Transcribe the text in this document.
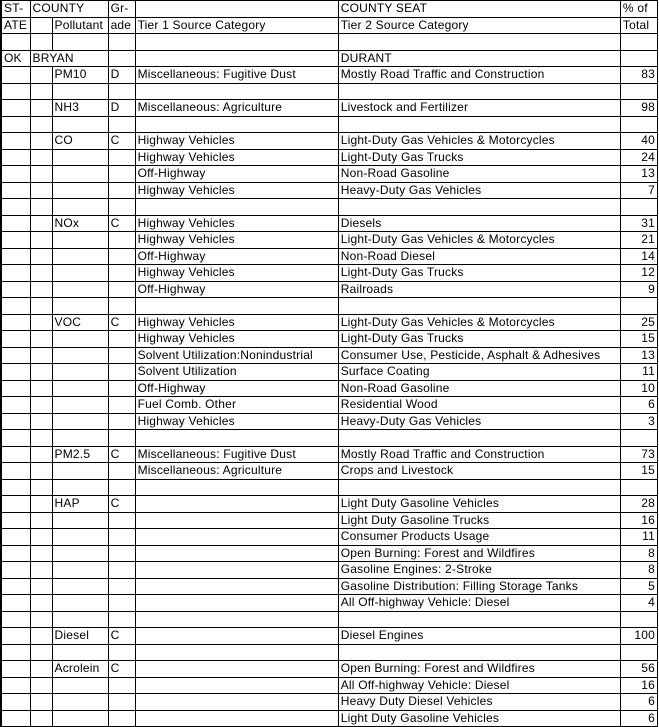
ST-	COUNTY		Gr-		COUNTY SEAT	% of
ATE		Pollutant	ade	Tier 1 Source Category	Tier 2 Source Category	Total

OK	BRYAN				DURANT	
		PM10	D	Miscellaneous: Fugitive Dust	Mostly Road Traffic and Construction	83

		NH3	D	Miscellaneous: Agriculture	Livestock and Fertilizer	98

		CO	C	Highway Vehicles	Light-Duty Gas Vehicles & Motorcycles	40
				Highway Vehicles	Light-Duty Gas Trucks	24
				Off-Highway	Non-Road Gasoline	13
				Highway Vehicles	Heavy-Duty Gas Vehicles	7

		NOx	C	Highway Vehicles	Diesels	31
				Highway Vehicles	Light-Duty Gas Vehicles & Motorcycles	21
				Off-Highway	Non-Road Diesel	14
				Highway Vehicles	Light-Duty Gas Trucks	12
				Off-Highway	Railroads	9

		VOC	C	Highway Vehicles	Light-Duty Gas Vehicles & Motorcycles	25
				Highway Vehicles	Light-Duty Gas Trucks	15
				Solvent Utilization:Nonindustrial	Consumer Use, Pesticide, Asphalt & Adhesives	13
				Solvent Utilization	Surface Coating	11
				Off-Highway	Non-Road Gasoline	10
				Fuel Comb. Other	Residential Wood	6
				Highway Vehicles	Heavy-Duty Gas Vehicles	3

		PM2.5	C	Miscellaneous: Fugitive Dust	Mostly Road Traffic and Construction	73
				Miscellaneous: Agriculture	Crops and Livestock	15

		HAP	C		Light Duty Gasoline Vehicles	28
					Light Duty Gasoline Trucks	16
					Consumer Products Usage	11
					Open Burning: Forest and Wildfires	8
					Gasoline Engines: 2-Stroke	8
					Gasoline Distribution: Filling Storage Tanks	5
					All Off-highway Vehicle: Diesel	4

		Diesel	C		Diesel Engines	100

		Acrolein	C		Open Burning: Forest and Wildfires	56
					All Off-highway Vehicle: Diesel	16
					Heavy Duty Diesel Vehicles	6
					Light Duty Gasoline Vehicles	6
